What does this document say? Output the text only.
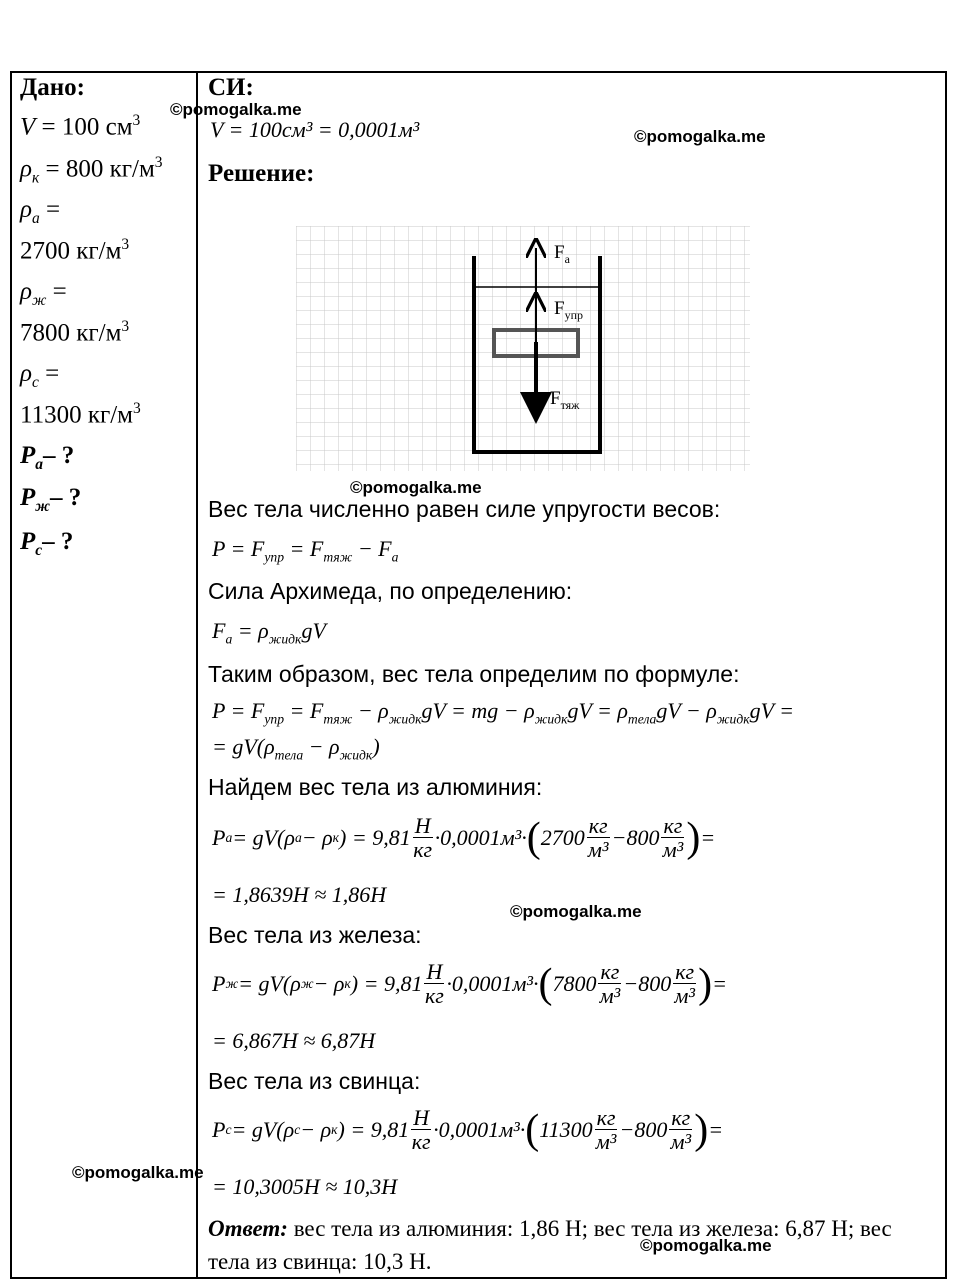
Дано:
V = 100 $см^3$
$\rho_к = 800$ $кг/м^3$
$\rho_а$ =
2700 $кг/м^3$
$\rho_ж$ =
7800 $кг/м^3$
$\rho_с$ =
11300 $кг/м^3$
$P_а-$ ?
$P_ж-$ ?
$P_с-$ ?
СИ:
V = 100см³ = 0,0001м³
Решение:
$F_а$
$F_{упр}$
$F_{тяж}$
Вес тела численно равен силе упругости весов:
$P = F_{упр} = F_{тяж} - F_a$
Сила Архимеда, по определению:
$F_a = \rho_{жидк}gV$
Таким образом, вес тела определим по формуле:
$P = F_{упр} = F_{тяж} - \rho_{жидк}gV$ = mg − $\rho_{жидк}gV = \rho_{тела}gV - \rho_{жидк}gV$ =
= $gV(\rho_{тела} - \rho_{жидк})$
Найдем вес тела из алюминия:
P a = gV(ρ a − ρ к ) = $9,81 \frac{Н}{кг} \cdot 0,0001м^3\cdot$ ( $2700 \frac{кг}{\text{м³}} -800 \frac{кг}{\text{м³}}$ ) =
= 1,8639Н ≈ 1,86Н
Вес тела из железа:
P ж = gV(ρ ж − ρ к ) = $9,81 \frac{Н}{кг} \cdot 0,0001м^3\cdot$ ( $7800 \frac{кг}{\text{м³}} -800 \frac{кг}{\text{м³}}$ ) =
= 6,867Н ≈ 6,87Н
Вес тела из свинца:
P с = gV(ρ с − ρ к ) = $9,81 \frac{Н}{кг} \cdot 0,0001м^3\cdot$ ( $11300 \frac{кг}{\text{м³}} -800 \frac{кг}{\text{м³}}$ ) =
= 10,3005Н ≈ 10,3Н
Ответ: вес тела из алюминия: 1,86 Н; вес тела из железа: 6,87 Н; вес тела из свинца: 10,3 Н.
©pomogalka.me
©pomogalka.me
©pomogalka.me
©pomogalka.me
©pomogalka.me
©pomogalka.me
